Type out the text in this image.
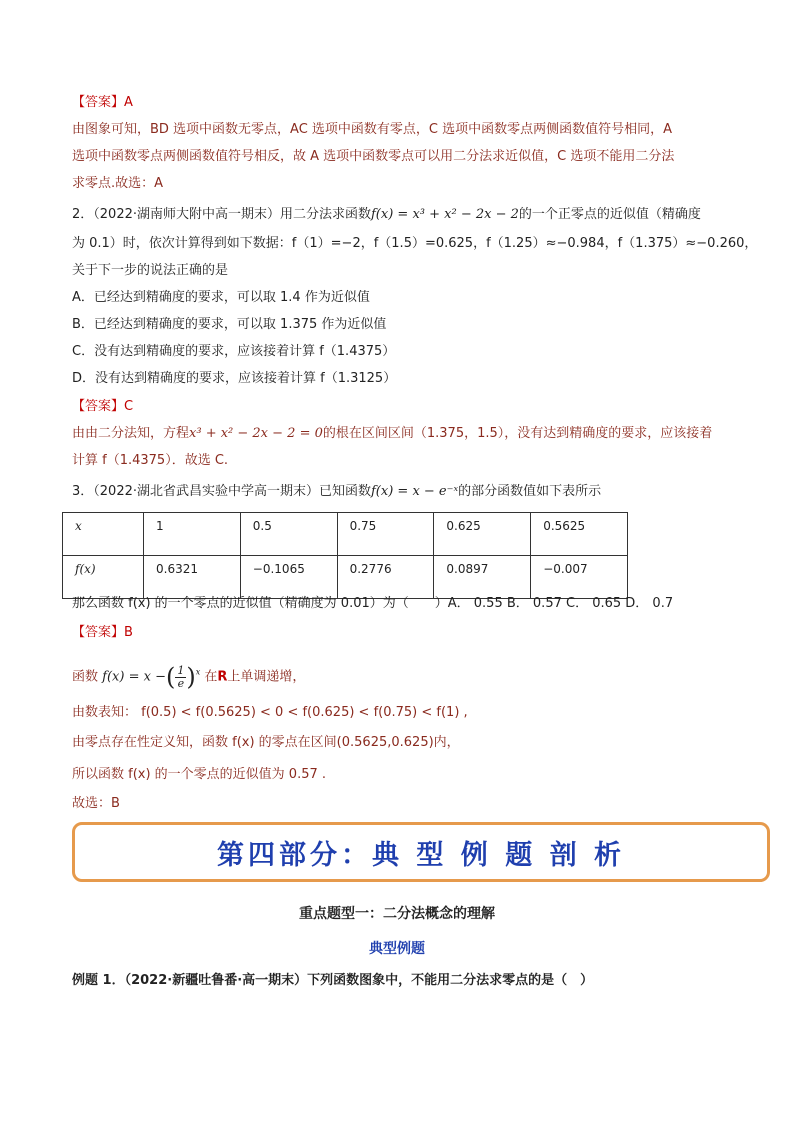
【答案】A
由图象可知，BD 选项中函数无零点，AC 选项中函数有零点，C 选项中函数零点两侧函数值符号相同，A
选项中函数零点两侧函数值符号相反，故 A 选项中函数零点可以用二分法求近似值，C 选项不能用二分法
求零点.故选：A
2．（2022·湖南师大附中高一期末）用二分法求函数f(x) = x³ + x² − 2x − 2的一个正零点的近似值（精确度
为 0.1）时，依次计算得到如下数据：f（1）=−2，f（1.5）=0.625，f（1.25）≈−0.984，f（1.375）≈−0.260，
关于下一步的说法正确的是
A．已经达到精确度的要求，可以取 1.4 作为近似值
B．已经达到精确度的要求，可以取 1.375 作为近似值
C．没有达到精确度的要求，应该接着计算 f（1.4375）
D．没有达到精确度的要求，应该接着计算 f（1.3125）
【答案】C
由由二分法知，方程x³ + x² − 2x − 2 = 0的根在区间区间（1.375，1.5），没有达到精确度的要求，应该接着
计算 f（1.4375）．故选 C.
3．（2022·湖北省武昌实验中学高一期末）已知函数f(x) = x − e⁻ˣ的部分函数值如下表所示
x	1	0.5	0.75	0.625	0.5625
f(x)	0.6321	−0.1065	0.2776	0.0897	−0.007
那么函数 f(x) 的一个零点的近似值（精确度为 0.01）为（　　）A． 0.55 B． 0.57 C． 0.65 D． 0.7
【答案】B
函数 f(x) = x −( $\frac{1}{e} )^x$ 在R上单调递增，
由数表知： f(0.5) < f(0.5625) < 0 < f(0.625) < f(0.75) < f(1) ,
由零点存在性定义知，函数 f(x) 的零点在区间(0.5625,0.625)内，
所以函数 f(x) 的一个零点的近似值为 0.57 .
故选：B
第四部分：典 型 例 题 剖 析
重点题型一：二分法概念的理解
典型例题
例题 1．（2022·新疆吐鲁番·高一期末）下列函数图象中，不能用二分法求零点的是（　）
